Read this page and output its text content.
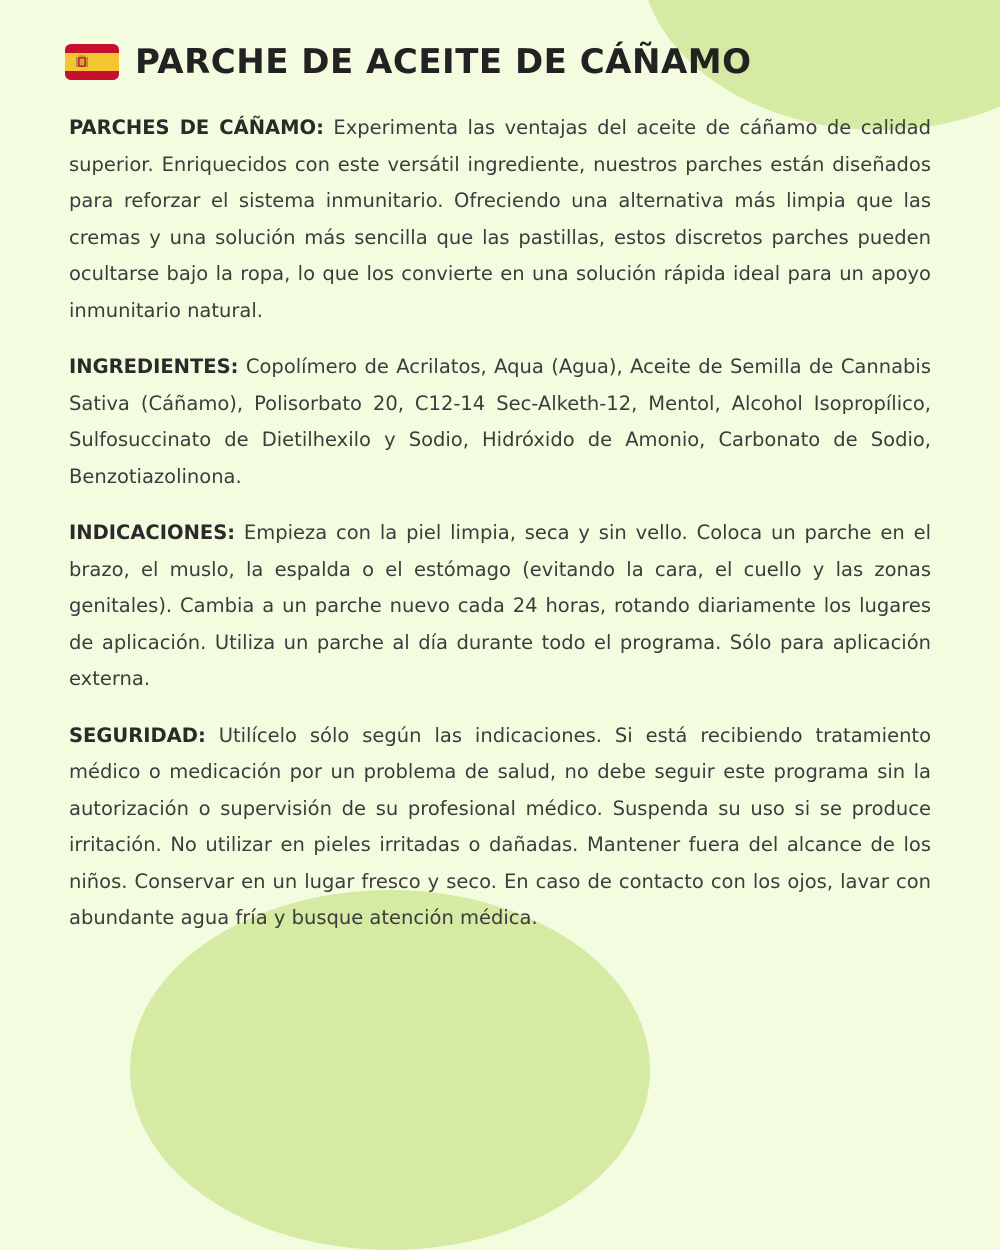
PARCHE DE ACEITE DE CÁÑAMO

PARCHES DE CÁÑAMO: Experimenta las ventajas del aceite de cáñamo de calidad superior. Enriquecidos con este versátil ingrediente, nuestros parches están diseñados para reforzar el sistema inmunitario. Ofreciendo una alternativa más limpia que las cremas y una solución más sencilla que las pastillas, estos discretos parches pueden ocultarse bajo la ropa, lo que los convierte en una solución rápida ideal para un apoyo inmunitario natural.

INGREDIENTES: Copolímero de Acrilatos, Aqua (Agua), Aceite de Semilla de Cannabis Sativa (Cáñamo), Polisorbato 20, C12-14 Sec-Alketh-12, Mentol, Alcohol Isopropílico, Sulfosuccinato de Dietilhexilo y Sodio, Hidróxido de Amonio, Carbonato de Sodio, Benzotiazolinona.

INDICACIONES: Empieza con la piel limpia, seca y sin vello. Coloca un parche en el brazo, el muslo, la espalda o el estómago (evitando la cara, el cuello y las zonas genitales). Cambia a un parche nuevo cada 24 horas, rotando diariamente los lugares de aplicación. Utiliza un parche al día durante todo el programa. Sólo para aplicación externa.

SEGURIDAD: Utilícelo sólo según las indicaciones. Si está recibiendo tratamiento médico o medicación por un problema de salud, no debe seguir este programa sin la autorización o supervisión de su profesional médico. Suspenda su uso si se produce irritación. No utilizar en pieles irritadas o dañadas. Mantener fuera del alcance de los niños. Conservar en un lugar fresco y seco. En caso de contacto con los ojos, lavar con abundante agua fría y busque atención médica.
